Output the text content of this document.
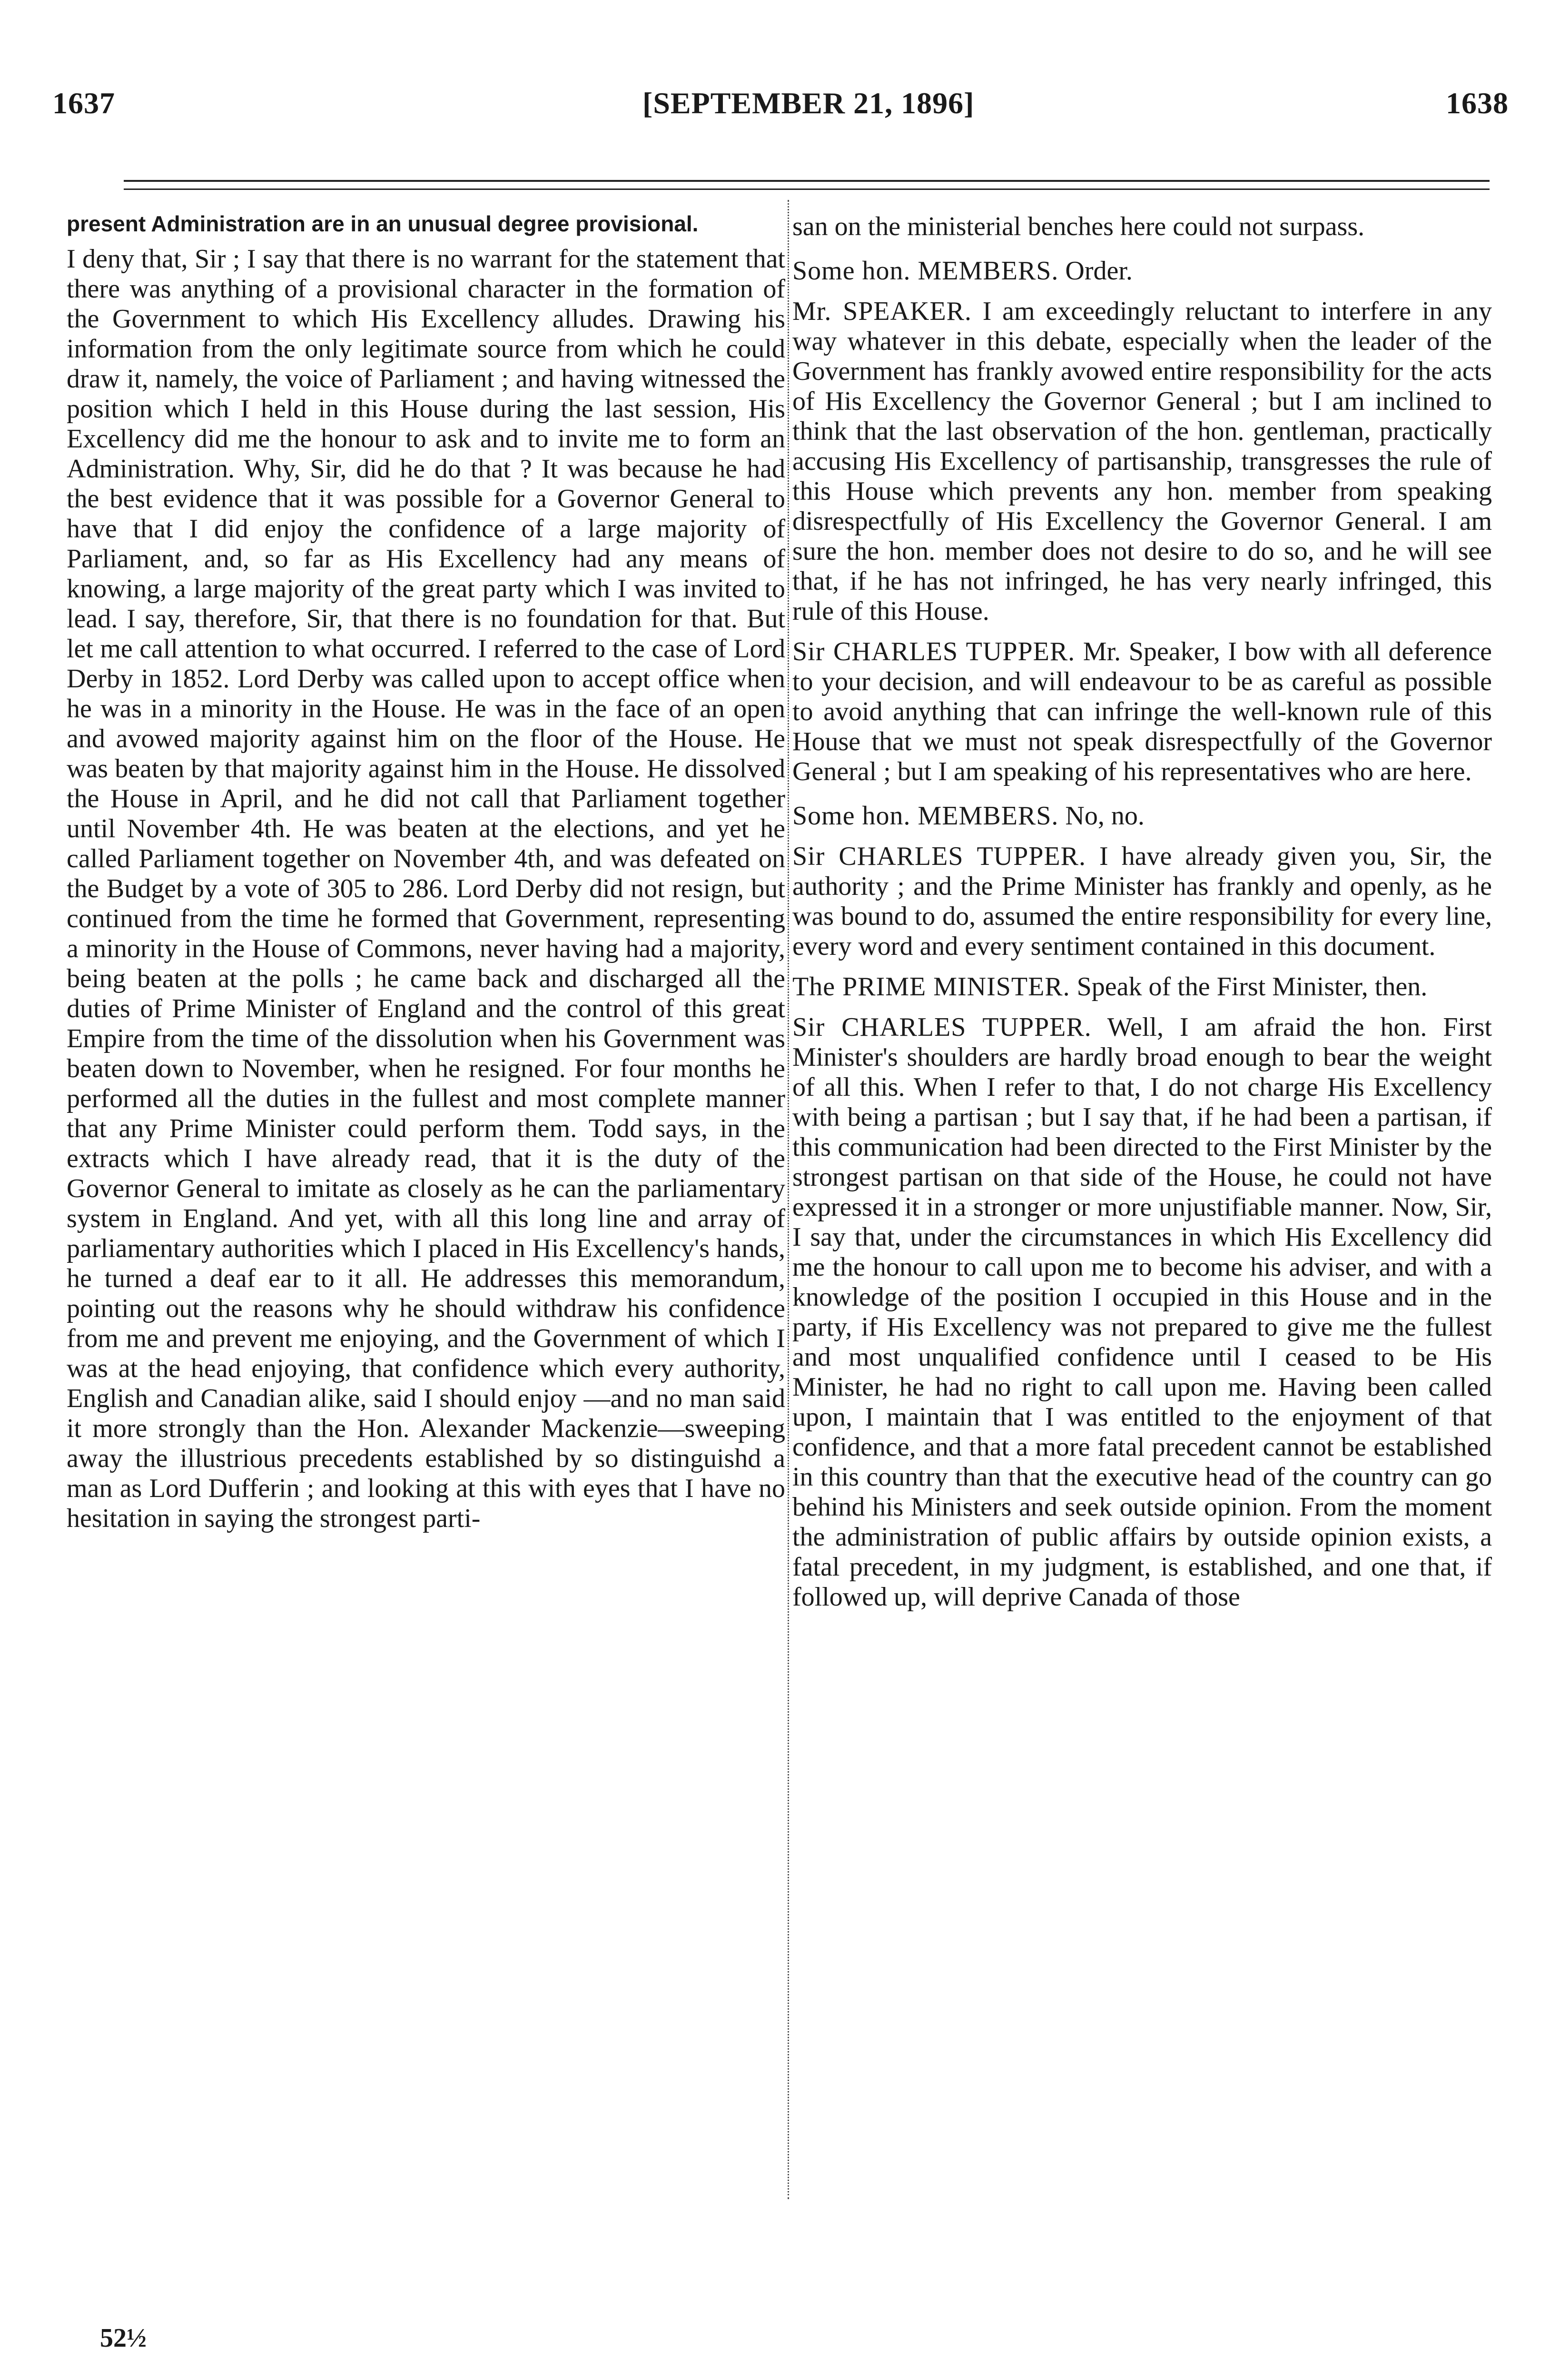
1637	[SEPTEMBER 21, 1896]	1638

present Administration are in an unusual degree provisional.

I deny that, Sir ; I say that there is no warrant for the statement that there was anything of a provisional character in the formation of the Government to which His Excellency alludes. Drawing his information from the only legitimate source from which he could draw it, namely, the voice of Parliament ; and having witnessed the position which I held in this House during the last session, His Excellency did me the honour to ask and to invite me to form an Administration. Why, Sir, did he do that ? It was because he had the best evidence that it was possible for a Governor General to have that I did enjoy the confidence of a large majority of Parliament, and, so far as His Excellency had any means of knowing, a large majority of the great party which I was invited to lead. I say, therefore, Sir, that there is no foundation for that. But let me call attention to what occurred. I referred to the case of Lord Derby in 1852. Lord Derby was called upon to accept office when he was in a minority in the House. He was in the face of an open and avowed majority against him on the floor of the House. He was beaten by that majority against him in the House. He dissolved the House in April, and he did not call that Parliament together until November 4th. He was beaten at the elections, and yet he called Parliament together on November 4th, and was defeated on the Budget by a vote of 305 to 286. Lord Derby did not resign, but continued from the time he formed that Government, representing a minority in the House of Commons, never having had a majority, being beaten at the polls ; he came back and discharged all the duties of Prime Minister of England and the control of this great Empire from the time of the dissolution when his Government was beaten down to November, when he resigned. For four months he performed all the duties in the fullest and most complete manner that any Prime Minister could perform them. Todd says, in the extracts which I have already read, that it is the duty of the Governor General to imitate as closely as he can the parliamentary system in England. And yet, with all this long line and array of parliamentary authorities which I placed in His Excellency's hands, he turned a deaf ear to it all. He addresses this memorandum, pointing out the reasons why he should withdraw his confidence from me and prevent me enjoying, and the Government of which I was at the head enjoying, that confidence which every authority, English and Canadian alike, said I should enjoy —and no man said it more strongly than the Hon. Alexander Mackenzie—sweeping away the illustrious precedents established by so distinguishd a man as Lord Dufferin ; and looking at this with eyes that I have no hesitation in saying the strongest parti-

san on the ministerial benches here could not surpass.

Some hon. MEMBERS. Order.

Mr. SPEAKER. I am exceedingly reluctant to interfere in any way whatever in this debate, especially when the leader of the Government has frankly avowed entire responsibility for the acts of His Excellency the Governor General ; but I am inclined to think that the last observation of the hon. gentleman, practically accusing His Excellency of partisanship, transgresses the rule of this House which prevents any hon. member from speaking disrespectfully of His Excellency the Governor General. I am sure the hon. member does not desire to do so, and he will see that, if he has not infringed, he has very nearly infringed, this rule of this House.

Sir CHARLES TUPPER. Mr. Speaker, I bow with all deference to your decision, and will endeavour to be as careful as possible to avoid anything that can infringe the well-known rule of this House that we must not speak disrespectfully of the Governor General ; but I am speaking of his representatives who are here.

Some hon. MEMBERS. No, no.

Sir CHARLES TUPPER. I have already given you, Sir, the authority ; and the Prime Minister has frankly and openly, as he was bound to do, assumed the entire responsibility for every line, every word and every sentiment contained in this document.

The PRIME MINISTER. Speak of the First Minister, then.

Sir CHARLES TUPPER. Well, I am afraid the hon. First Minister's shoulders are hardly broad enough to bear the weight of all this. When I refer to that, I do not charge His Excellency with being a partisan ; but I say that, if he had been a partisan, if this communication had been directed to the First Minister by the strongest partisan on that side of the House, he could not have expressed it in a stronger or more unjustifiable manner. Now, Sir, I say that, under the circumstances in which His Excellency did me the honour to call upon me to become his adviser, and with a knowledge of the position I occupied in this House and in the party, if His Excellency was not prepared to give me the fullest and most unqualified confidence until I ceased to be His Minister, he had no right to call upon me. Having been called upon, I maintain that I was entitled to the enjoyment of that confidence, and that a more fatal precedent cannot be established in this country than that the executive head of the country can go behind his Ministers and seek outside opinion. From the moment the administration of public affairs by outside opinion exists, a fatal precedent, in my judgment, is established, and one that, if followed up, will deprive Canada of those

52½
